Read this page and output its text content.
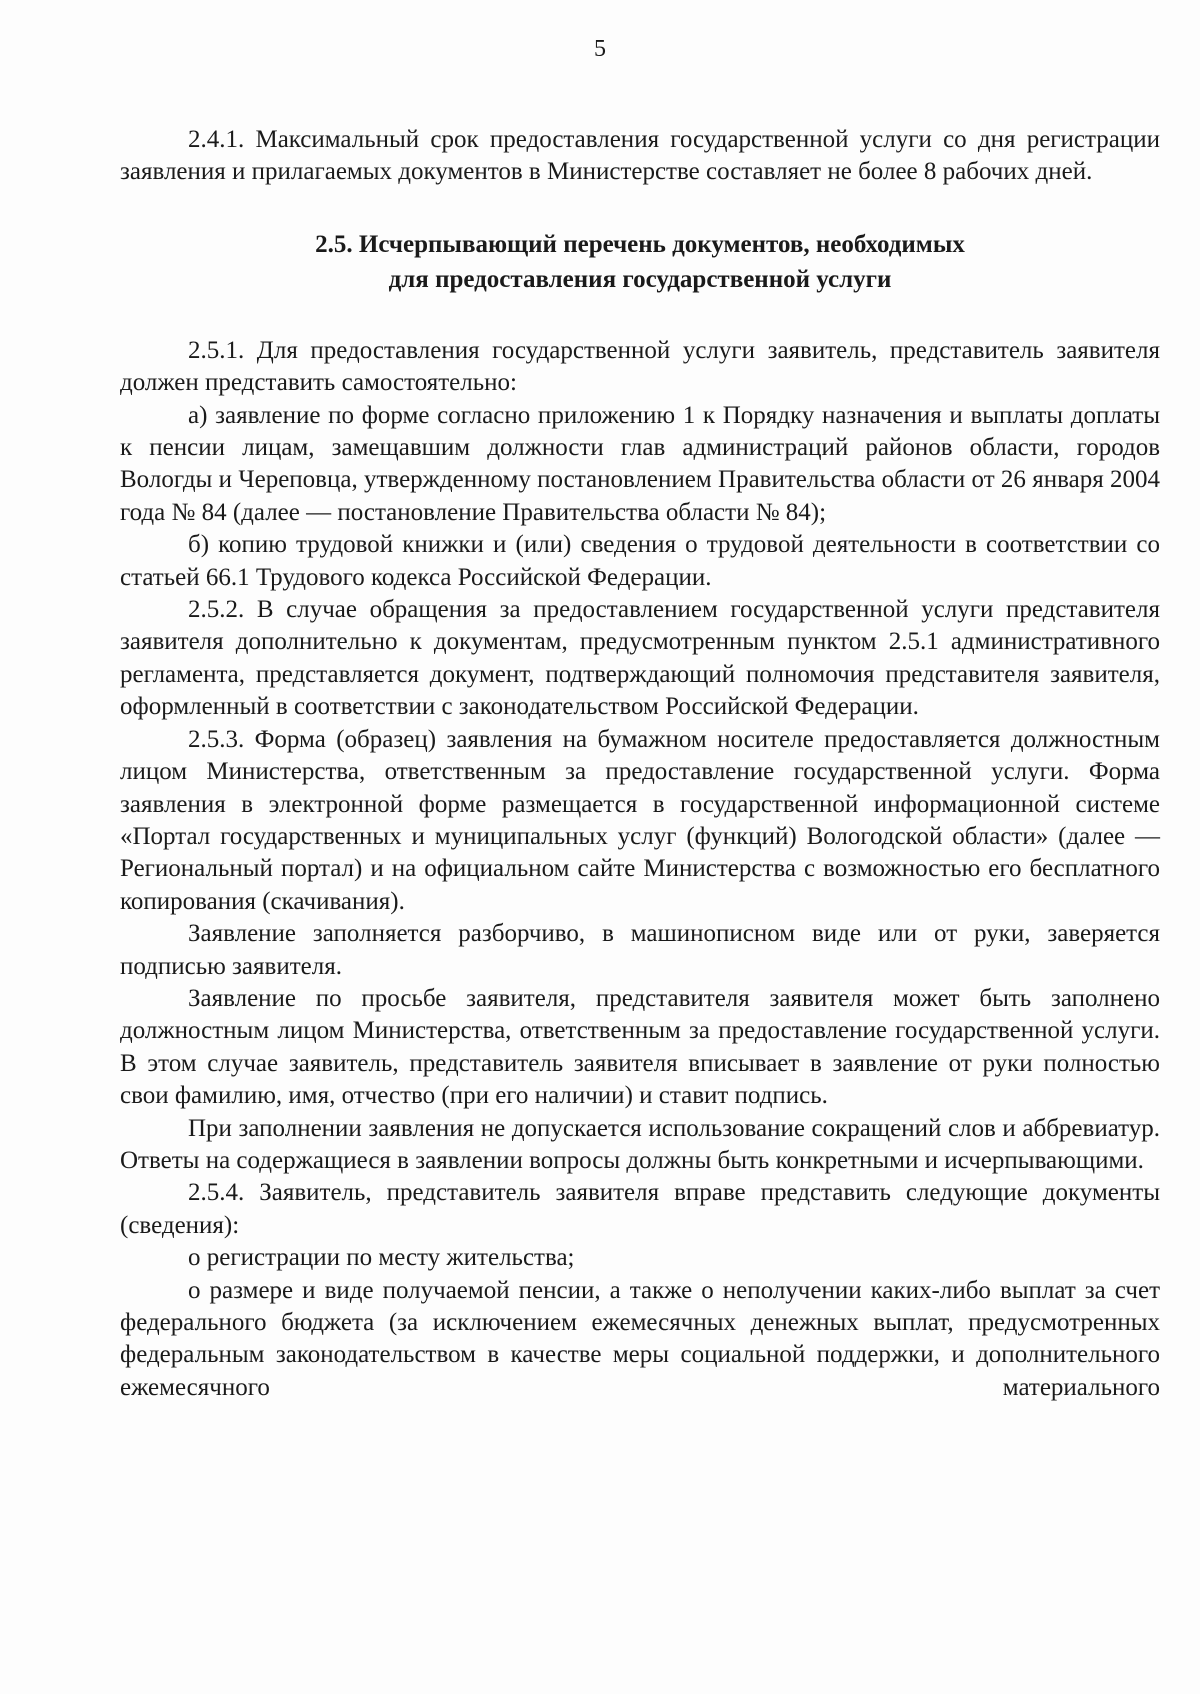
5

2.4.1. Максимальный срок предоставления государственной услуги со дня регистрации заявления и прилагаемых документов в Министерстве составляет не более 8 рабочих дней.

2.5. Исчерпывающий перечень документов, необходимых
для предоставления государственной услуги

2.5.1. Для предоставления государственной услуги заявитель, представитель заявителя должен представить самостоятельно:

а) заявление по форме согласно приложению 1 к Порядку назначения и выплаты доплаты к пенсии лицам, замещавшим должности глав администраций районов области, городов Вологды и Череповца, утвержденному постановлением Правительства области от 26 января 2004 года № 84 (далее — постановление Правительства области № 84);

б) копию трудовой книжки и (или) сведения о трудовой деятельности в соответствии со статьей 66.1 Трудового кодекса Российской Федерации.

2.5.2. В случае обращения за предоставлением государственной услуги представителя заявителя дополнительно к документам, предусмотренным пунктом 2.5.1 административного регламента, представляется документ, подтверждающий полномочия представителя заявителя, оформленный в соответствии с законодательством Российской Федерации.

2.5.3. Форма (образец) заявления на бумажном носителе предоставляется должностным лицом Министерства, ответственным за предоставление государственной услуги. Форма заявления в электронной форме размещается в государственной информационной системе «Портал государственных и муниципальных услуг (функций) Вологодской области» (далее — Региональный портал) и на официальном сайте Министерства с возможностью его бесплатного копирования (скачивания).

Заявление заполняется разборчиво, в машинописном виде или от руки, заверяется подписью заявителя.

Заявление по просьбе заявителя, представителя заявителя может быть заполнено должностным лицом Министерства, ответственным за предоставление государственной услуги. В этом случае заявитель, представитель заявителя вписывает в заявление от руки полностью свои фамилию, имя, отчество (при его наличии) и ставит подпись.

При заполнении заявления не допускается использование сокращений слов и аббревиатур. Ответы на содержащиеся в заявлении вопросы должны быть конкретными и исчерпывающими.

2.5.4. Заявитель, представитель заявителя вправе представить следующие документы (сведения):

о регистрации по месту жительства;

о размере и виде получаемой пенсии, а также о неполучении каких-либо выплат за счет федерального бюджета (за исключением ежемесячных денежных выплат, предусмотренных федеральным законодательством в качестве меры социальной поддержки, и дополнительного ежемесячного материального
